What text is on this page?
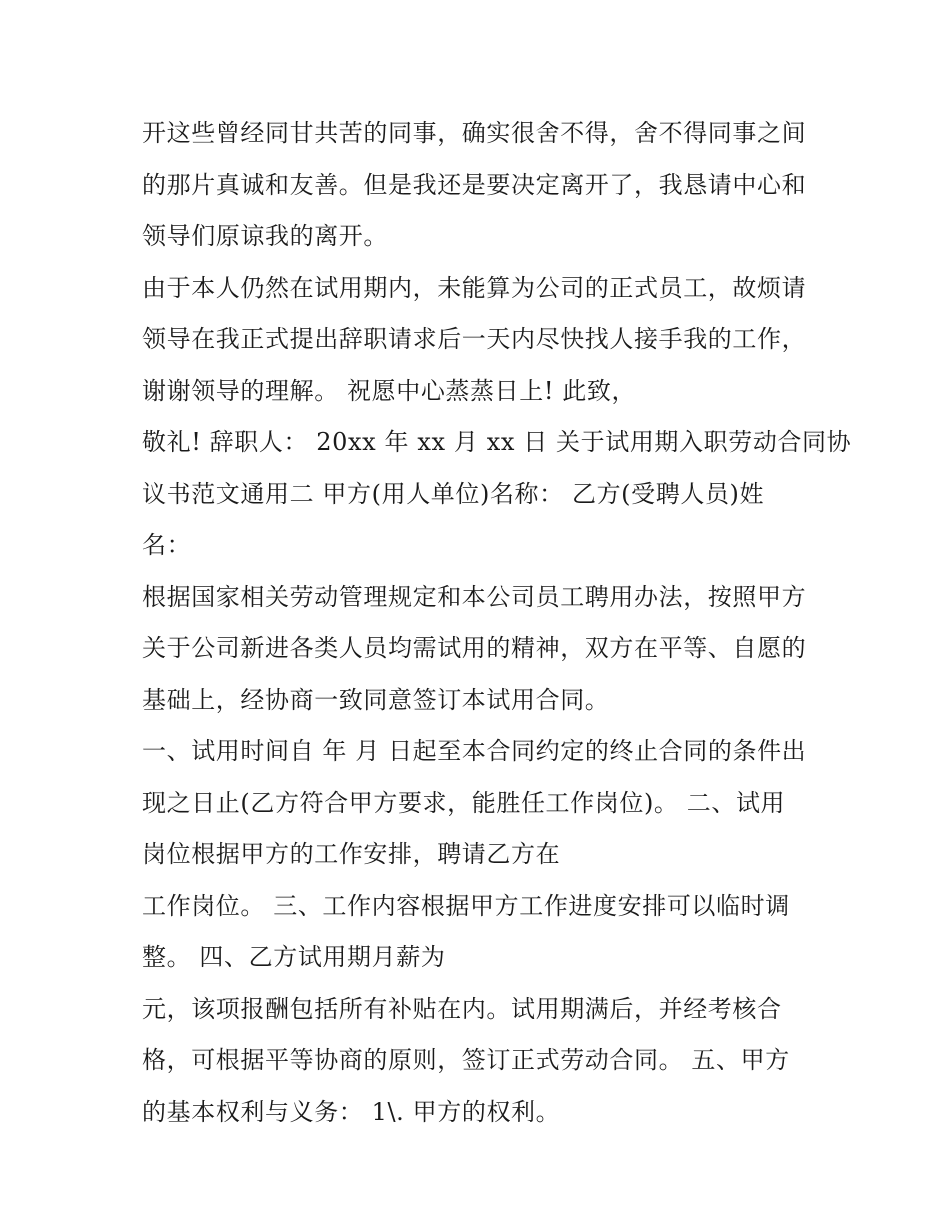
开这些曾经同甘共苦的同事，确实很舍不得，舍不得同事之间
的那片真诚和友善。但是我还是要决定离开了，我恳请中心和
领导们原谅我的离开。
由于本人仍然在试用期内，未能算为公司的正式员工，故烦请
领导在我正式提出辞职请求后一天内尽快找人接手我的工作，
谢谢领导的理解。 祝愿中心蒸蒸日上! 此致，
敬礼! 辞职人： 20xx 年 xx 月 xx 日 关于试用期入职劳动合同协
议书范文通用二 甲方(用人单位)名称： 乙方(受聘人员)姓
名：
根据国家相关劳动管理规定和本公司员工聘用办法，按照甲方
关于公司新进各类人员均需试用的精神，双方在平等、自愿的
基础上，经协商一致同意签订本试用合同。
一、试用时间自 年 月 日起至本合同约定的终止合同的条件出
现之日止(乙方符合甲方要求，能胜任工作岗位)。 二、试用
岗位根据甲方的工作安排，聘请乙方在
工作岗位。 三、工作内容根据甲方工作进度安排可以临时调
整。 四、乙方试用期月薪为
元，该项报酬包括所有补贴在内。试用期满后，并经考核合
格，可根据平等协商的原则，签订正式劳动合同。 五、甲方
的基本权利与义务： 1\. 甲方的权利。
